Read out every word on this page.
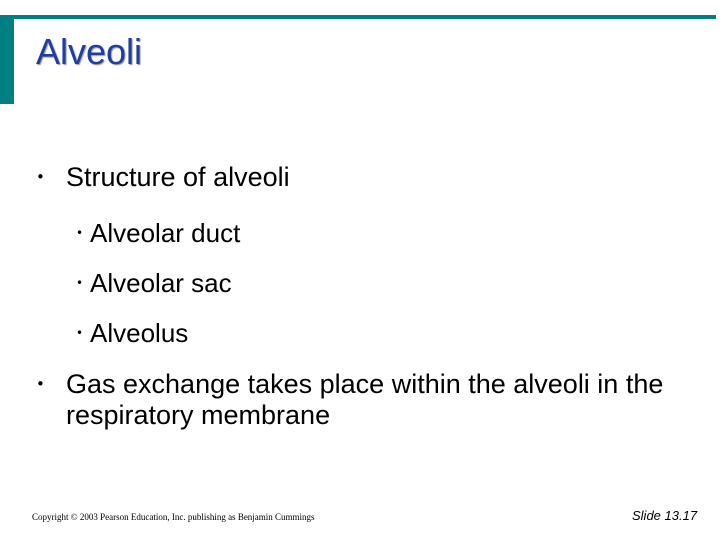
Alveoli
• Structure of alveoli
• Alveolar duct
• Alveolar sac
• Alveolus
• Gas exchange takes place within the alveoli in the respiratory membrane
Copyright © 2003 Pearson Education, Inc. publishing as Benjamin Cummings	Slide 13.17
